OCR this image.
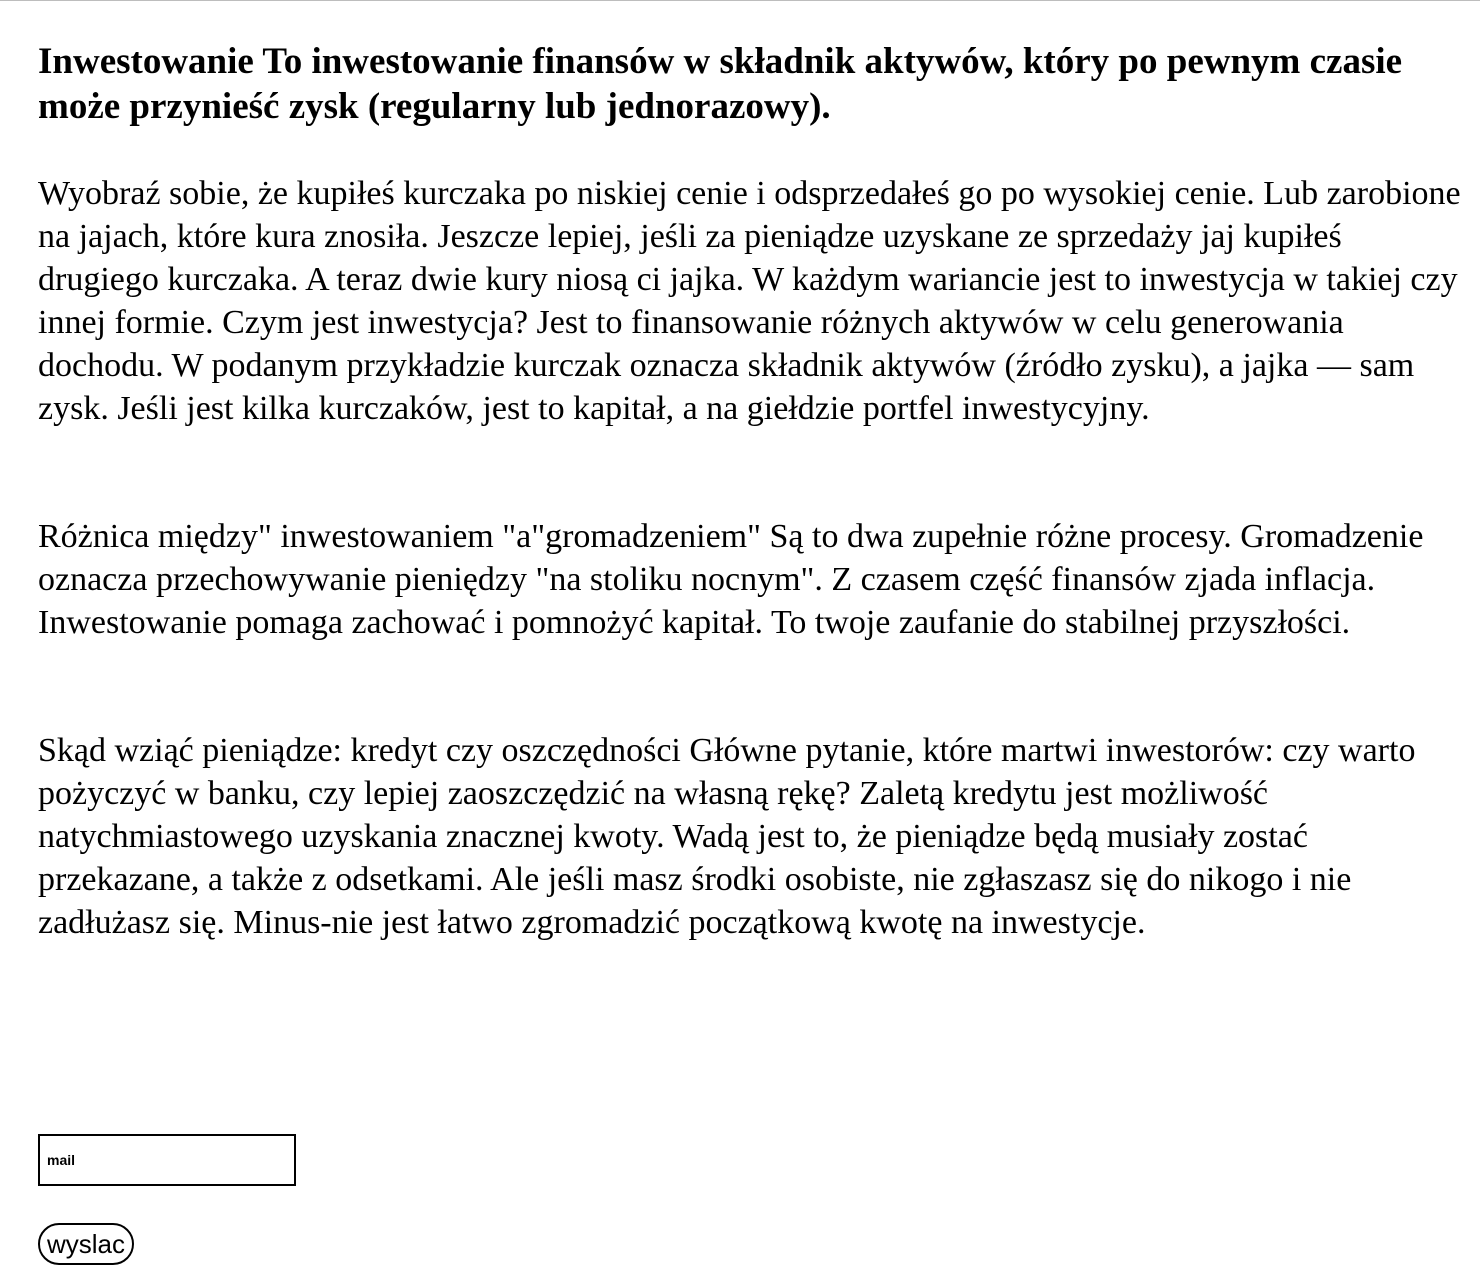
Inwestowanie To inwestowanie finansów w składnik aktywów, który po pewnym czasie może przynieść zysk (regularny lub jednorazowy).

Wyobraź sobie, że kupiłeś kurczaka po niskiej cenie i odsprzedałeś go po wysokiej cenie. Lub zarobione na jajach, które kura znosiła. Jeszcze lepiej, jeśli za pieniądze uzyskane ze sprzedaży jaj kupiłeś drugiego kurczaka. A teraz dwie kury niosą ci jajka. W każdym wariancie jest to inwestycja w takiej czy innej formie. Czym jest inwestycja? Jest to finansowanie różnych aktywów w celu generowania dochodu. W podanym przykładzie kurczak oznacza składnik aktywów (źródło zysku), a jajka — sam zysk. Jeśli jest kilka kurczaków, jest to kapitał, a na giełdzie portfel inwestycyjny.

Różnica między" inwestowaniem "a"gromadzeniem" Są to dwa zupełnie różne procesy. Gromadzenie oznacza przechowywanie pieniędzy "na stoliku nocnym". Z czasem część finansów zjada inflacja. Inwestowanie pomaga zachować i pomnożyć kapitał. To twoje zaufanie do stabilnej przyszłości.

Skąd wziąć pieniądze: kredyt czy oszczędności Główne pytanie, które martwi inwestorów: czy warto pożyczyć w banku, czy lepiej zaoszczędzić na własną rękę? Zaletą kredytu jest możliwość natychmiastowego uzyskania znacznej kwoty. Wadą jest to, że pieniądze będą musiały zostać przekazane, a także z odsetkami. Ale jeśli masz środki osobiste, nie zgłaszasz się do nikogo i nie zadłużasz się. Minus-nie jest łatwo zgromadzić początkową kwotę na inwestycje.

mail
wyslac
